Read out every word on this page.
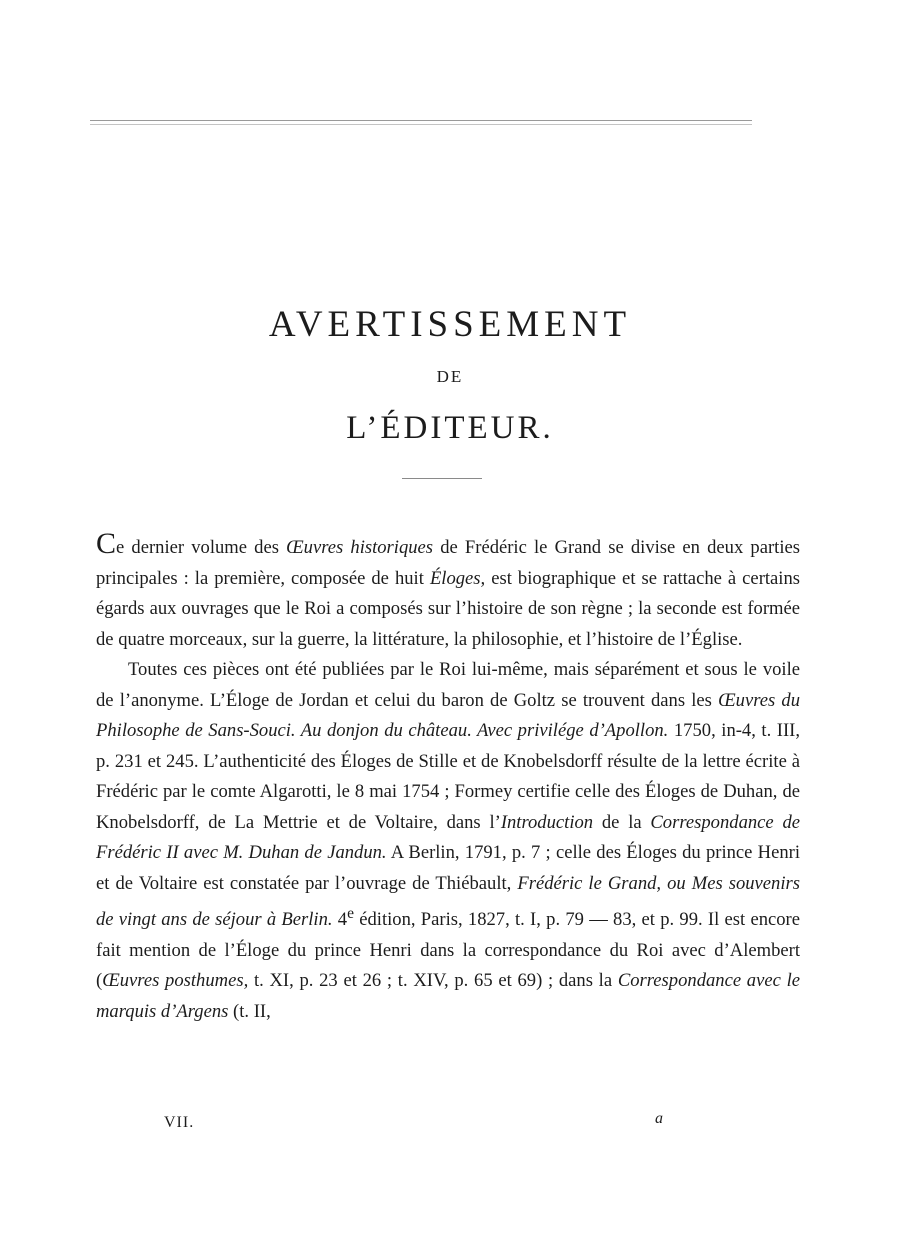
AVERTISSEMENT
DE
L’ÉDITEUR.

Ce dernier volume des Œuvres historiques de Frédéric le Grand se divise en deux parties principales : la première, composée de huit Éloges, est biographique et se rattache à certains égards aux ouvrages que le Roi a composés sur l’histoire de son règne ; la seconde est formée de quatre morceaux, sur la guerre, la littérature, la philosophie, et l’histoire de l’Église.

Toutes ces pièces ont été publiées par le Roi lui-même, mais séparément et sous le voile de l’anonyme. L’Éloge de Jordan et celui du baron de Goltz se trouvent dans les Œuvres du Philosophe de Sans-Souci. Au donjon du château. Avec privilége d’Apollon. 1750, in-4, t. III, p. 231 et 245. L’authenticité des Éloges de Stille et de Knobelsdorff résulte de la lettre écrite à Frédéric par le comte Algarotti, le 8 mai 1754 ; Formey certifie celle des Éloges de Duhan, de Knobelsdorff, de La Mettrie et de Voltaire, dans l’Introduction de la Correspondance de Frédéric II avec M. Duhan de Jandun. A Berlin, 1791, p. 7 ; celle des Éloges du prince Henri et de Voltaire est constatée par l’ouvrage de Thiébault, Frédéric le Grand, ou Mes souvenirs de vingt ans de séjour à Berlin. 4e édition, Paris, 1827, t. I, p. 79 — 83, et p. 99. Il est encore fait mention de l’Éloge du prince Henri dans la correspondance du Roi avec d’Alembert (Œuvres posthumes, t. XI, p. 23 et 26 ; t. XIV, p. 65 et 69) ; dans la Correspondance avec le marquis d’Argens (t. II,

VII.	a
